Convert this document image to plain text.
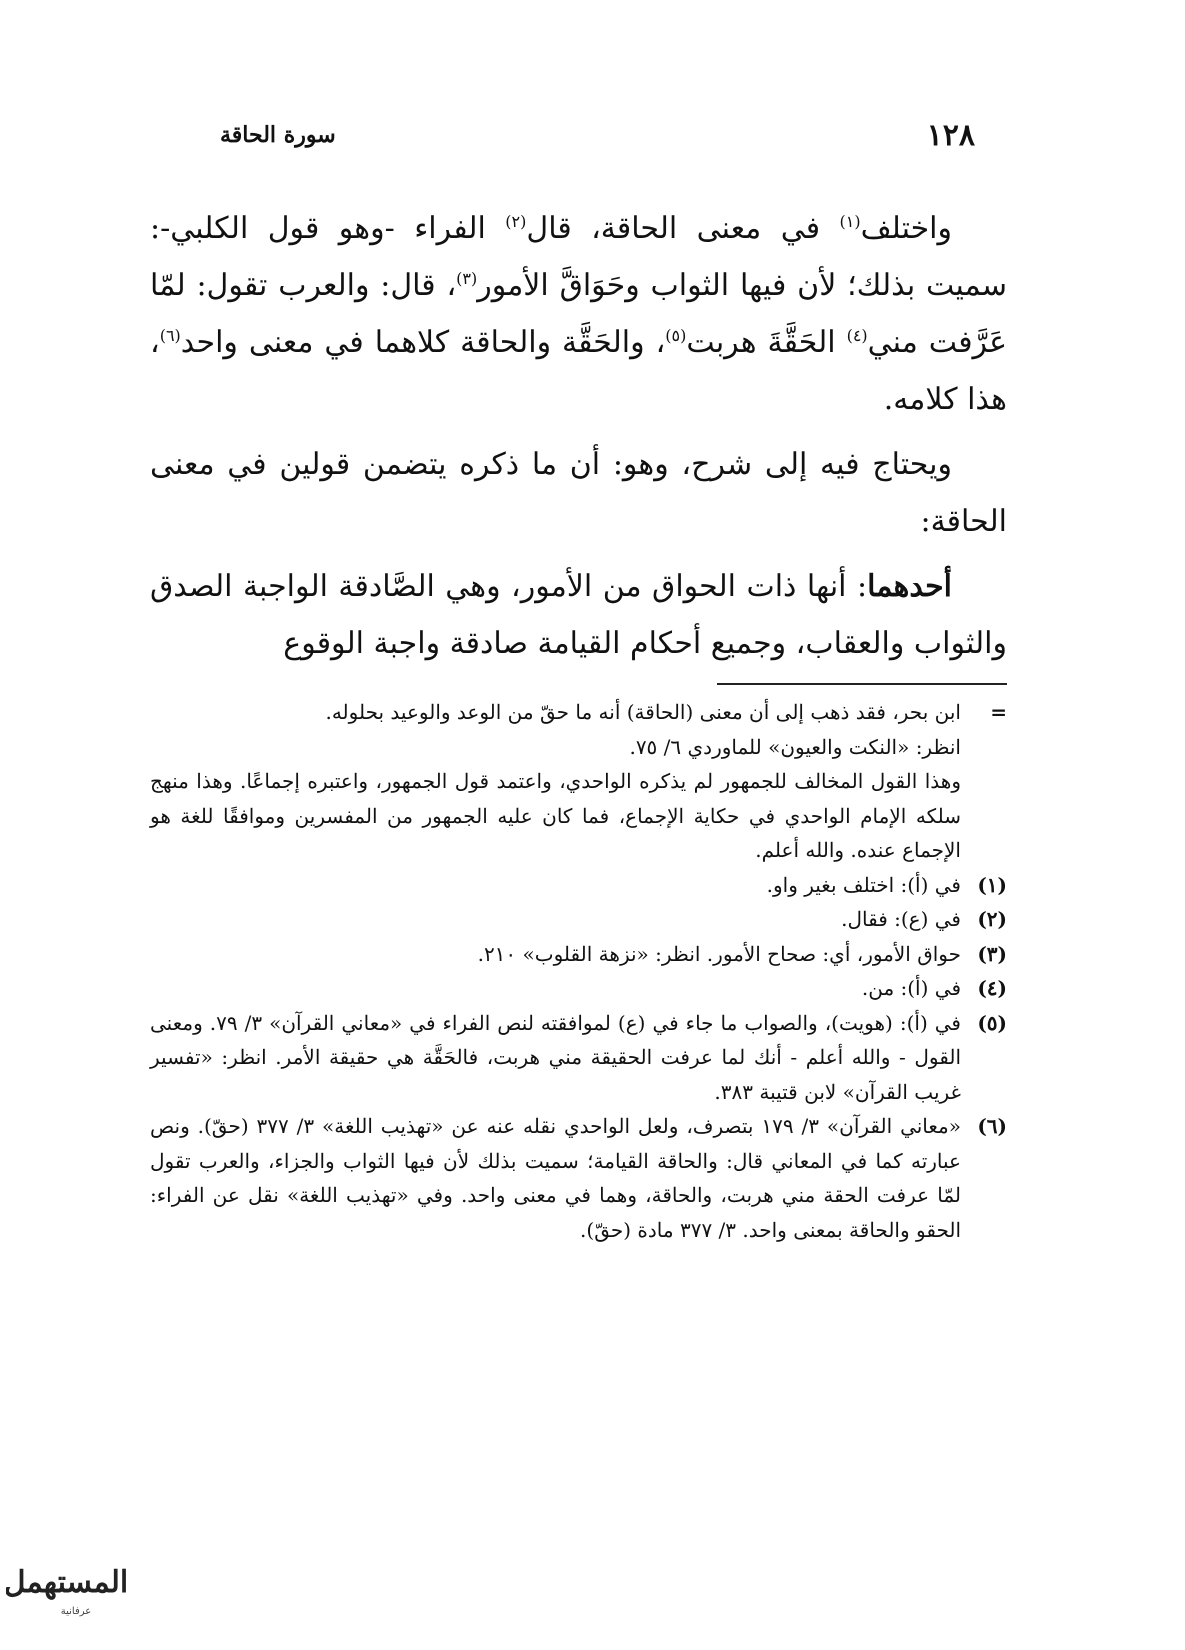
سورة الحاقة	١٢٨

واختلف$^{(١)}$ في معنى الحاقة، قال$^{(٢)}$ الفراء -وهو قول الكلبي-: سميت بذلك؛ لأن فيها الثواب وحَوَاقَّ الأمور$^{(٣)}$، قال: والعرب تقول: لمّا عَرَّفت مني$^{(٤)}$ الحَقَّةَ هربت$^{(٥)}$، والحَقَّة والحاقة كلاهما في معنى واحد$^{(٦)}$، هذا كلامه.

ويحتاج فيه إلى شرح، وهو: أن ما ذكره يتضمن قولين في معنى الحاقة:

أحدهما: أنها ذات الحواق من الأمور، وهي الصَّادقة الواجبة الصدق والثواب والعقاب، وجميع أحكام القيامة صادقة واجبة الوقوع

=
ابن بحر، فقد ذهب إلى أن معنى (الحاقة) أنه ما حقّ من الوعد والوعيد بحلوله.
انظر: «النكت والعيون» للماوردي ٦/ ٧٥.
وهذا القول المخالف للجمهور لم يذكره الواحدي، واعتمد قول الجمهور، واعتبره إجماعًا. وهذا منهج سلكه الإمام الواحدي في حكاية الإجماع، فما كان عليه الجمهور من المفسرين وموافقًا للغة هو الإجماع عنده. والله أعلم.
(١)
في (أ): اختلف بغير واو.
(٢)
في (ع): فقال.
(٣)
حواق الأمور، أي: صحاح الأمور. انظر: «نزهة القلوب» ٢١٠.
(٤)
في (أ): من.
(٥)
في (أ): (هويت)، والصواب ما جاء في (ع) لموافقته لنص الفراء في «معاني القرآن» ٣/ ٧٩. ومعنى القول - والله أعلم - أنك لما عرفت الحقيقة مني هربت، فالحَقَّة هي حقيقة الأمر. انظر: «تفسير غريب القرآن» لابن قتيبة ٣٨٣.
(٦)
«معاني القرآن» ٣/ ١٧٩ بتصرف، ولعل الواحدي نقله عنه عن «تهذيب اللغة» ٣/ ٣٧٧ (حقّ). ونص عبارته كما في المعاني قال: والحاقة القيامة؛ سميت بذلك لأن فيها الثواب والجزاء، والعرب تقول لمّا عرفت الحقة مني هربت، والحاقة، وهما في معنى واحد. وفي «تهذيب اللغة» نقل عن الفراء: الحقو والحاقة بمعنى واحد. ٣/ ٣٧٧ مادة (حقّ).
المستهمل
عرفانية
